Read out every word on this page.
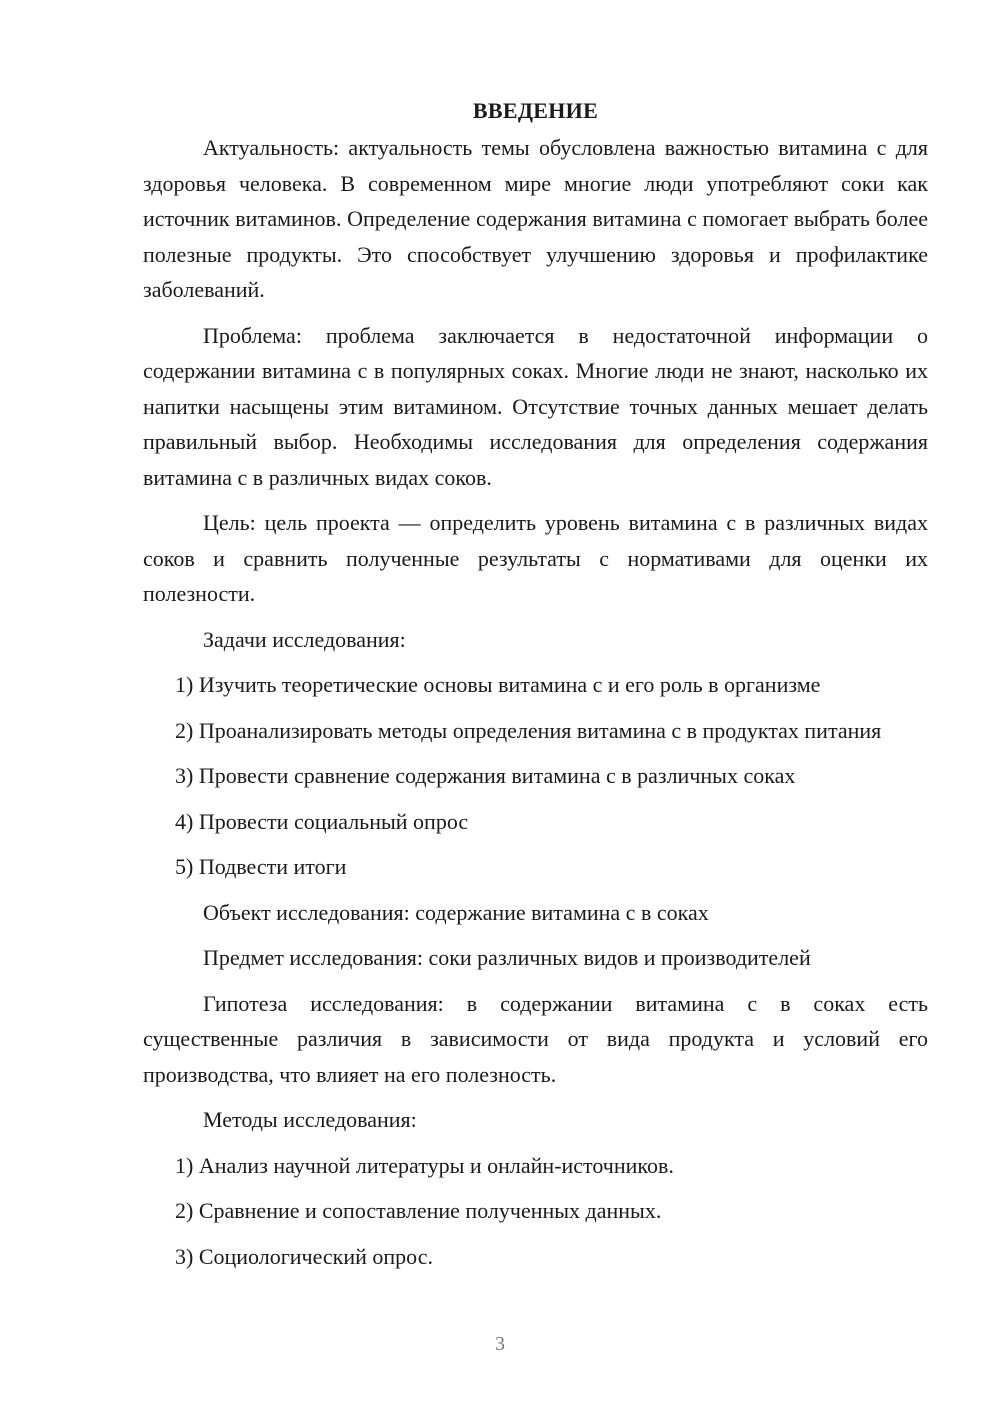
ВВЕДЕНИЕ

Актуальность: актуальность темы обусловлена важностью витамина с для здоровья человека. В современном мире многие люди употребляют соки как источник витаминов. Определение содержания витамина с помогает выбрать более полезные продукты. Это способствует улучшению здоровья и профилактике заболеваний.

Проблема: проблема заключается в недостаточной информации о содержании витамина с в популярных соках. Многие люди не знают, насколько их напитки насыщены этим витамином. Отсутствие точных данных мешает делать правильный выбор. Необходимы исследования для определения содержания витамина с в различных видах соков.

Цель: цель проекта — определить уровень витамина с в различных видах соков и сравнить полученные результаты с нормативами для оценки их полезности.

Задачи исследования:

1) Изучить теоретические основы витамина с и его роль в организме

2) Проанализировать методы определения витамина с в продуктах питания

3) Провести сравнение содержания витамина с в различных соках

4) Провести социальный опрос

5) Подвести итоги

Объект исследования: содержание витамина с в соках

Предмет исследования: соки различных видов и производителей

Гипотеза исследования: в содержании витамина с в соках есть существенные различия в зависимости от вида продукта и условий его производства, что влияет на его полезность.

Методы исследования:

1) Анализ научной литературы и онлайн-источников.

2) Сравнение и сопоставление полученных данных.

3) Социологический опрос.

3
